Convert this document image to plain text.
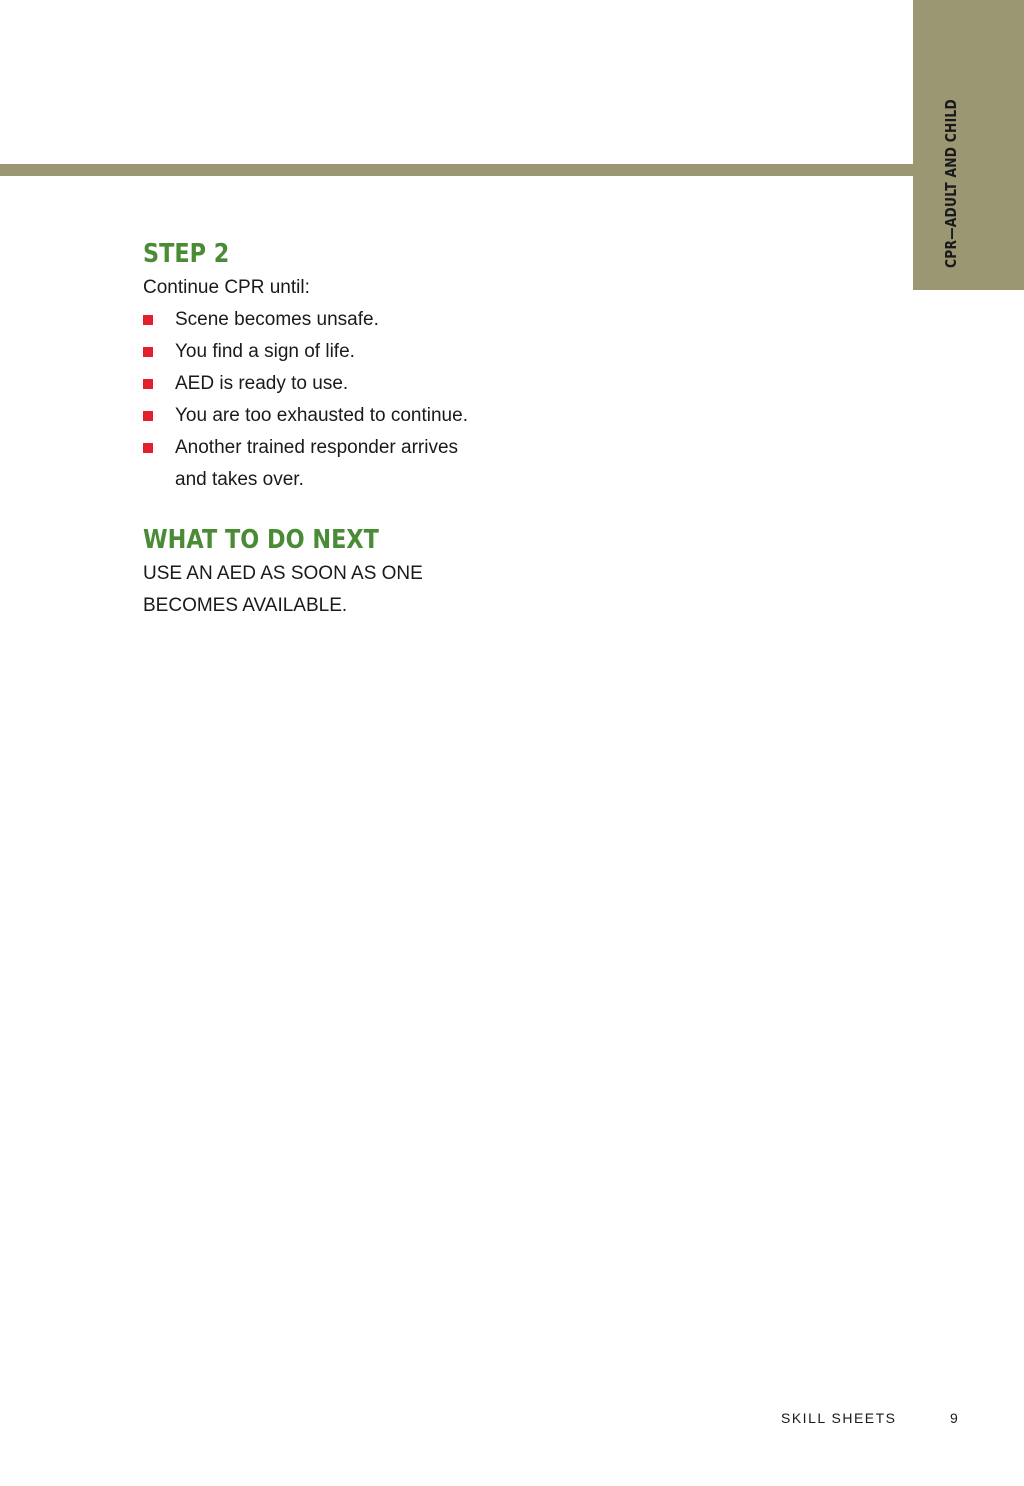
CPR—ADULT AND CHILD
STEP 2

Continue CPR until:

Scene becomes unsafe.
You find a sign of life.
AED is ready to use.
You are too exhausted to continue.
Another trained responder arrives and takes over.
WHAT TO DO NEXT

USE AN AED AS SOON AS ONE BECOMES AVAILABLE.

SKILL SHEETS	9
